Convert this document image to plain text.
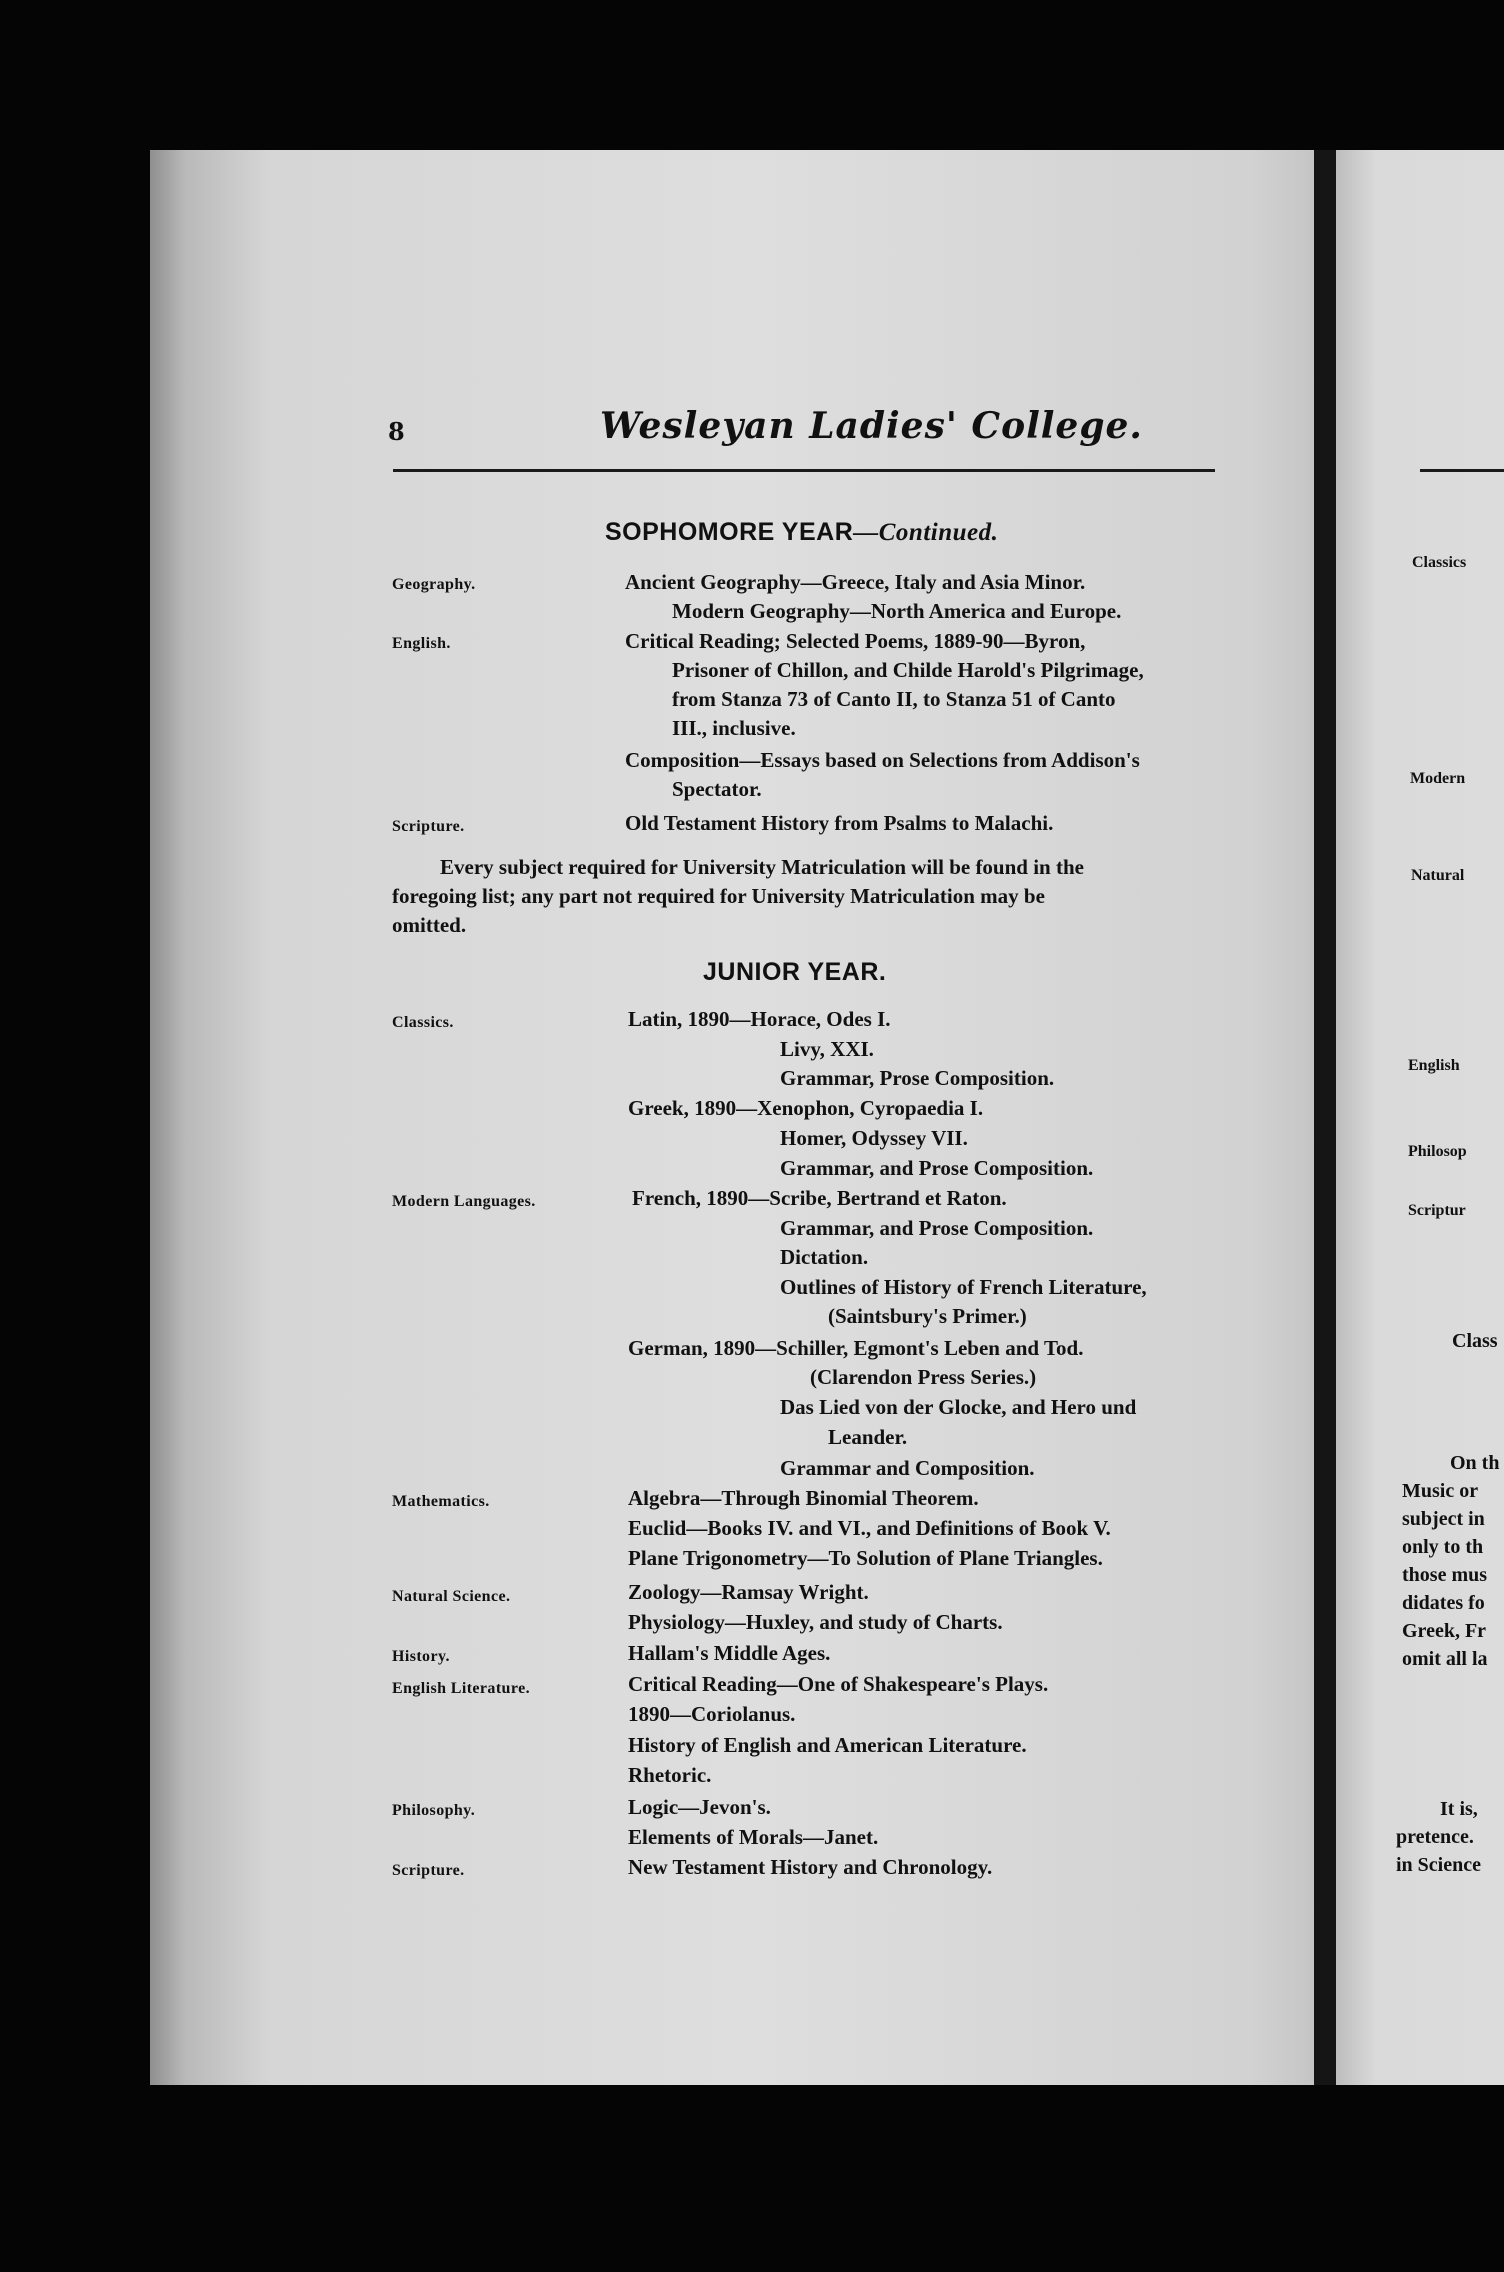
8	Wesleyan Ladies' College.
SOPHOMORE YEAR—Continued.
Geography.	Ancient Geography—Greece, Italy and Asia Minor.
Modern Geography—North America and Europe.
English.	Critical Reading; Selected Poems, 1889-90—Byron,
Prisoner of Chillon, and Childe Harold's Pilgrimage,
from Stanza 73 of Canto II, to Stanza 51 of Canto
III., inclusive.
Composition—Essays based on Selections from Addison's
Spectator.
Scripture.	Old Testament History from Psalms to Malachi.
Every subject required for University Matriculation will be found in the
foregoing list; any part not required for University Matriculation may be
omitted.
JUNIOR YEAR.
Classics.	Latin, 1890—Horace, Odes I.
Livy, XXI.
Grammar, Prose Composition.
Greek, 1890—Xenophon, Cyropaedia I.
Homer, Odyssey VII.
Grammar, and Prose Composition.
Modern Languages.	French, 1890—Scribe, Bertrand et Raton.
Grammar, and Prose Composition.
Dictation.
Outlines of History of French Literature,
(Saintsbury's Primer.)
German, 1890—Schiller, Egmont's Leben and Tod.
(Clarendon Press Series.)
Das Lied von der Glocke, and Hero und
Leander.
Grammar and Composition.
Mathematics.	Algebra—Through Binomial Theorem.
Euclid—Books IV. and VI., and Definitions of Book V.
Plane Trigonometry—To Solution of Plane Triangles.
Natural Science.	Zoology—Ramsay Wright.
Physiology—Huxley, and study of Charts.
History.	Hallam's Middle Ages.
English Literature.	Critical Reading—One of Shakespeare's Plays.
1890—Coriolanus.
History of English and American Literature.
Rhetoric.
Philosophy.	Logic—Jevon's.
Elements of Morals—Janet.
Scripture.	New Testament History and Chronology.
Classics
Modern
Natural
English
Philosop
Scriptur
Class
On th
Music or
subject in
only to th
those mus
didates fo
Greek, Fr
omit all la
It is,
pretence.
in Science
